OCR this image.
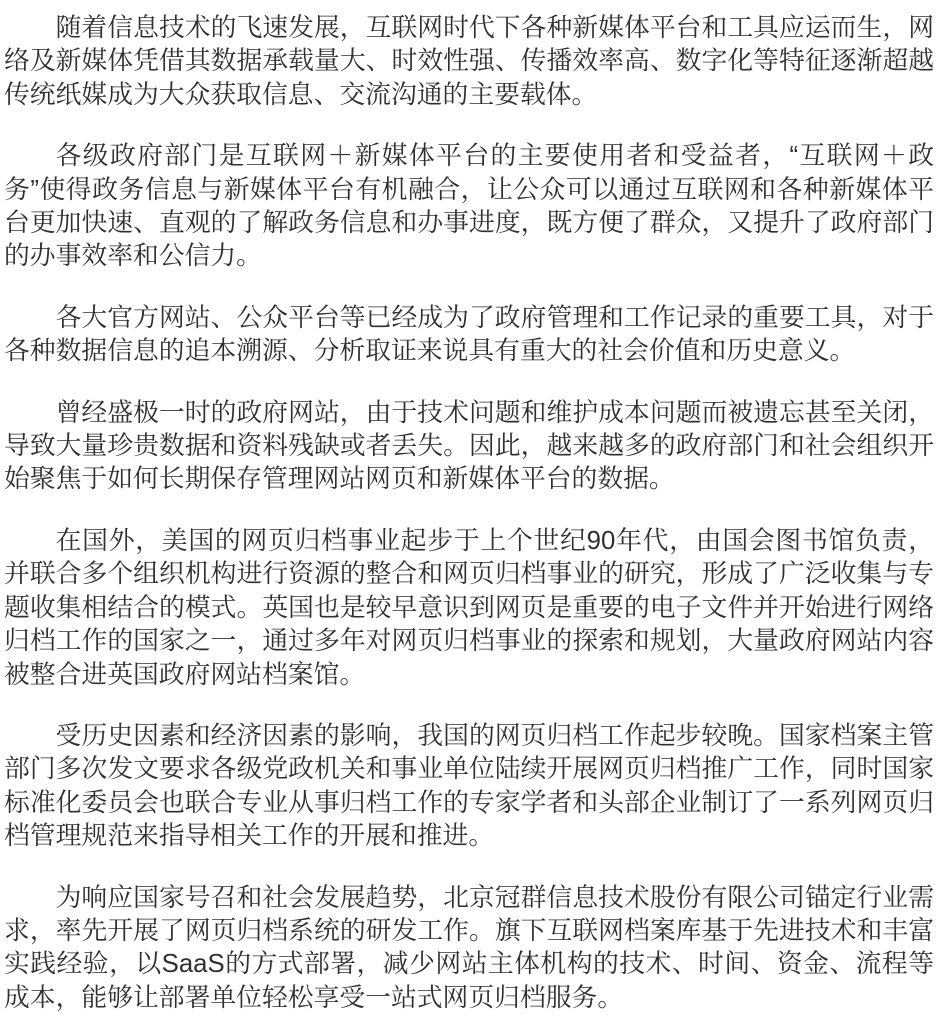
随着信息技术的飞速发展，互联网时代下各种新媒体平台和工具应运而生，网络及新媒体凭借其数据承载量大、时效性强、传播效率高、数字化等特征逐渐超越传统纸媒成为大众获取信息、交流沟通的主要载体。

各级政府部门是互联网＋新媒体平台的主要使用者和受益者，“互联网＋政务”使得政务信息与新媒体平台有机融合，让公众可以通过互联网和各种新媒体平台更加快速、直观的了解政务信息和办事进度，既方便了群众，又提升了政府部门的办事效率和公信力。

各大官方网站、公众平台等已经成为了政府管理和工作记录的重要工具，对于各种数据信息的追本溯源、分析取证来说具有重大的社会价值和历史意义。

曾经盛极一时的政府网站，由于技术问题和维护成本问题而被遗忘甚至关闭，导致大量珍贵数据和资料残缺或者丢失。因此，越来越多的政府部门和社会组织开始聚焦于如何长期保存管理网站网页和新媒体平台的数据。

在国外，美国的网页归档事业起步于上个世纪90年代，由国会图书馆负责，并联合多个组织机构进行资源的整合和网页归档事业的研究，形成了广泛收集与专题收集相结合的模式。英国也是较早意识到网页是重要的电子文件并开始进行网络归档工作的国家之一，通过多年对网页归档事业的探索和规划，大量政府网站内容被整合进英国政府网站档案馆。

受历史因素和经济因素的影响，我国的网页归档工作起步较晚。国家档案主管部门多次发文要求各级党政机关和事业单位陆续开展网页归档推广工作，同时国家标准化委员会也联合专业从事归档工作的专家学者和头部企业制订了一系列网页归档管理规范来指导相关工作的开展和推进。

为响应国家号召和社会发展趋势，北京冠群信息技术股份有限公司锚定行业需求，率先开展了网页归档系统的研发工作。旗下互联网档案库基于先进技术和丰富实践经验，以SaaS的方式部署，减少网站主体机构的技术、时间、资金、流程等成本，能够让部署单位轻松享受一站式网页归档服务。
